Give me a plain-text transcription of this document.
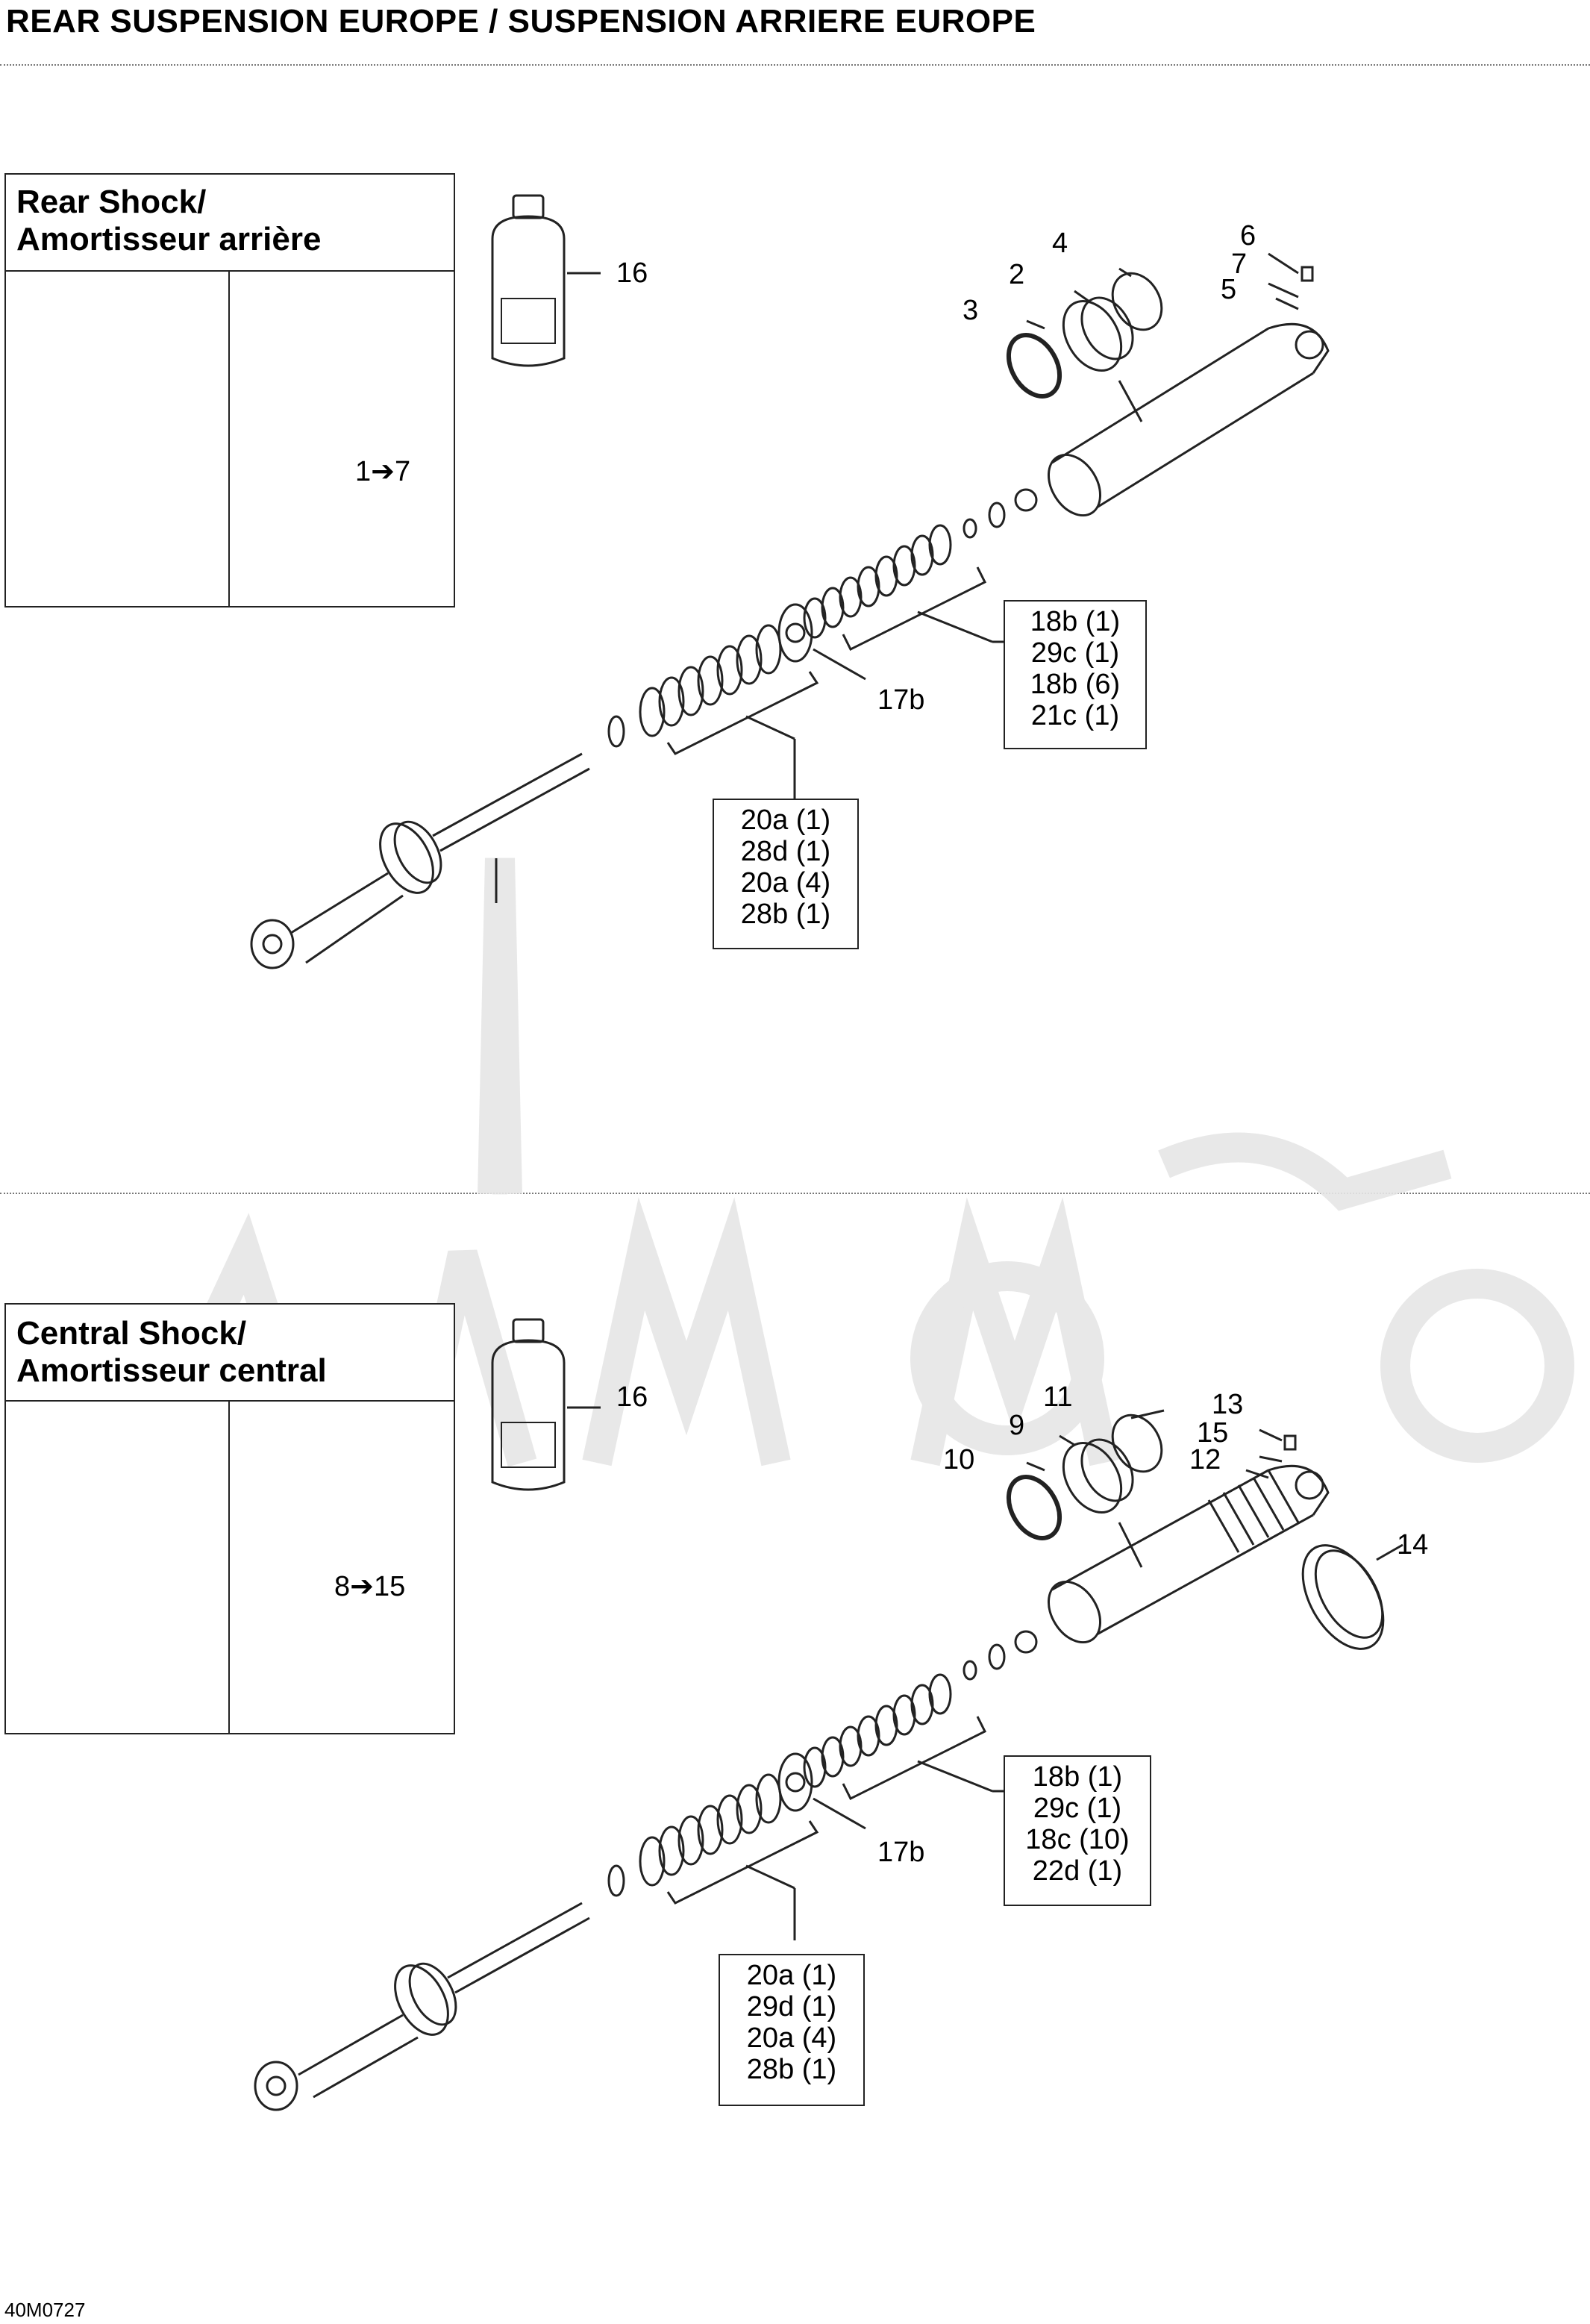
REAR SUSPENSION EUROPE / SUSPENSION ARRIERE EUROPE
Rear Shock/
Amortisseur arrière
1➔7
16
4
2
3
6
7
5
17b
18b (1)
29c (1)
18b (6)
21c (1)
20a (1)
28d (1)
20a (4)
28b (1)
Central Shock/
Amortisseur central
8➔15
16	11
9
10
13
15
12
14
17b
18b (1)
29c (1)
18c (10)
22d (1)
20a (1)
29d (1)
20a (4)
28b (1)
40M0727
